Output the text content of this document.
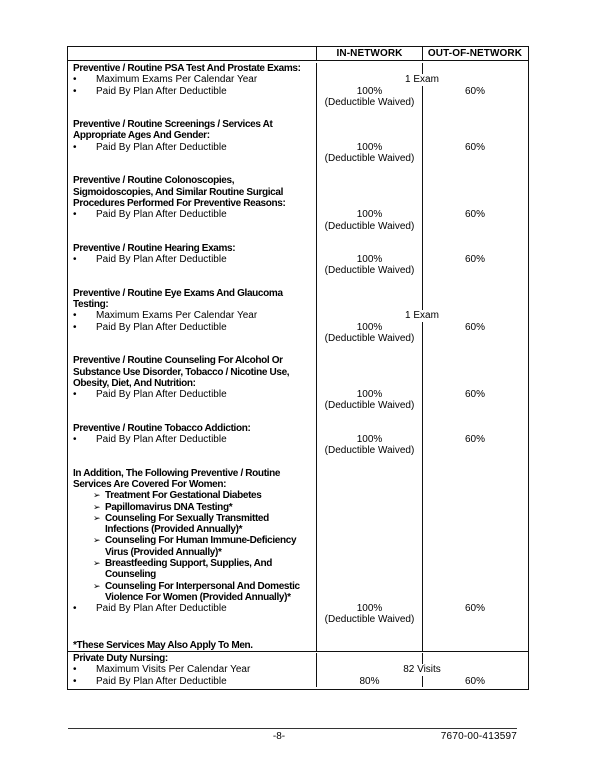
IN-NETWORK	OUT-OF-NETWORK
Preventive / Routine PSA Test And Prostate Exams:
• Maximum Exams Per Calendar Year	1 Exam
• Paid By Plan After Deductible	100%	60%
(Deductible Waived)
Preventive / Routine Screenings / Services At
Appropriate Ages And Gender:
• Paid By Plan After Deductible	100%	60%
(Deductible Waived)
Preventive / Routine Colonoscopies,
Sigmoidoscopies, And Similar Routine Surgical
Procedures Performed For Preventive Reasons:
• Paid By Plan After Deductible	100%	60%
(Deductible Waived)
Preventive / Routine Hearing Exams:
• Paid By Plan After Deductible	100%	60%
(Deductible Waived)
Preventive / Routine Eye Exams And Glaucoma
Testing:
• Maximum Exams Per Calendar Year	1 Exam
• Paid By Plan After Deductible	100%	60%
(Deductible Waived)
Preventive / Routine Counseling For Alcohol Or
Substance Use Disorder, Tobacco / Nicotine Use,
Obesity, Diet, And Nutrition:
• Paid By Plan After Deductible	100%	60%
(Deductible Waived)
Preventive / Routine Tobacco Addiction:
• Paid By Plan After Deductible	100%	60%
(Deductible Waived)
In Addition, The Following Preventive / Routine
Services Are Covered For Women:
➢ Treatment For Gestational Diabetes
➢ Papillomavirus DNA Testing*
➢ Counseling For Sexually Transmitted
Infections (Provided Annually)*
➢ Counseling For Human Immune-Deficiency
Virus (Provided Annually)*
➢ Breastfeeding Support, Supplies, And
Counseling
➢ Counseling For Interpersonal And Domestic
Violence For Women (Provided Annually)*
• Paid By Plan After Deductible	100%	60%
(Deductible Waived)
*These Services May Also Apply To Men.
Private Duty Nursing:
• Maximum Visits Per Calendar Year	82 Visits
• Paid By Plan After Deductible	80%	60%
-8-	7670-00-413597
